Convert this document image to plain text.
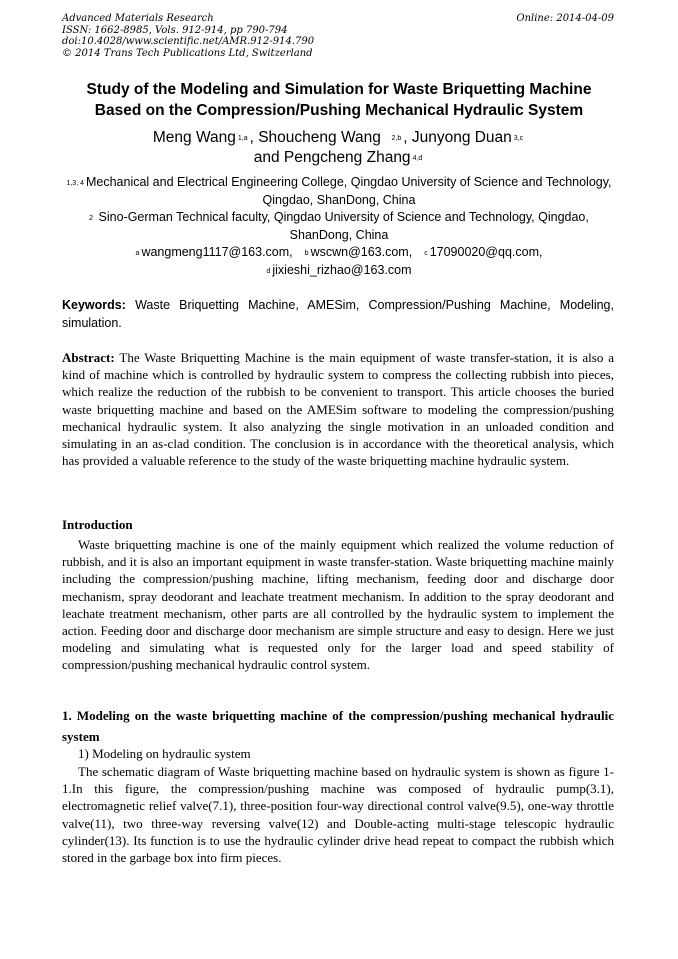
Advanced Materials Research
ISSN: 1662-8985, Vols. 912-914, pp 790-794
doi:10.4028/www.scientific.net/AMR.912-914.790
© 2014 Trans Tech Publications Ltd, Switzerland
Online: 2014-04-09
Study of the Modeling and Simulation for Waste Briquetting Machine
Based on the Compression/Pushing Mechanical Hydraulic System
Meng Wang $^{1,a}$ , Shoucheng Wang $^{2,b}$ , Junyong Duan $^{3,c}$
and Pengcheng Zhang $^{4,d}$
$^{1,3, 4}$ Mechanical and Electrical Engineering College, Qingdao University of Science and Technology,
Qingdao, ShanDong, China
$^2$ Sino-German Technical faculty, Qingdao University of Science and Technology, Qingdao,
ShanDong, China
$^a$ wangmeng1117@163.com, $^b$ wscwn@163.com, $^c$ 17090020@qq.com,
$^d$ jixieshi_rizhao@163.com
Keywords: Waste Briquetting Machine, AMESim, Compression/Pushing Machine, Modeling, simulation.
Abstract: The Waste Briquetting Machine is the main equipment of waste transfer-station, it is also a kind of machine which is controlled by hydraulic system to compress the collecting rubbish into pieces, which realize the reduction of the rubbish to be convenient to transport. This article chooses the buried waste briquetting machine and based on the AMESim software to modeling the compression/pushing mechanical hydraulic system. It also analyzing the single motivation in an unloaded condition and simulating in an as-clad condition. The conclusion is in accordance with the theoretical analysis, which has provided a valuable reference to the study of the waste briquetting machine hydraulic system.
Introduction
Waste briquetting machine is one of the mainly equipment which realized the volume reduction of rubbish, and it is also an important equipment in waste transfer-station. Waste briquetting machine mainly including the compression/pushing machine, lifting mechanism, feeding door and discharge door mechanism, spray deodorant and leachate treatment mechanism. In addition to the spray deodorant and leachate treatment mechanism, other parts are all controlled by the hydraulic system to implement the action. Feeding door and discharge door mechanism are simple structure and easy to design. Here we just modeling and simulating what is requested only for the larger load and speed stability of compression/pushing mechanical hydraulic control system.
1. Modeling on the waste briquetting machine of the compression/pushing mechanical hydraulic system
1) Modeling on hydraulic system
The schematic diagram of Waste briquetting machine based on hydraulic system is shown as figure 1-1.In this figure, the compression/pushing machine was composed of hydraulic pump(3.1), electromagnetic relief valve(7.1), three-position four-way directional control valve(9.5), one-way throttle valve(11), two three-way reversing valve(12) and Double-acting multi-stage telescopic hydraulic cylinder(13). Its function is to use the hydraulic cylinder drive head repeat to compact the rubbish which stored in the garbage box into firm pieces.
